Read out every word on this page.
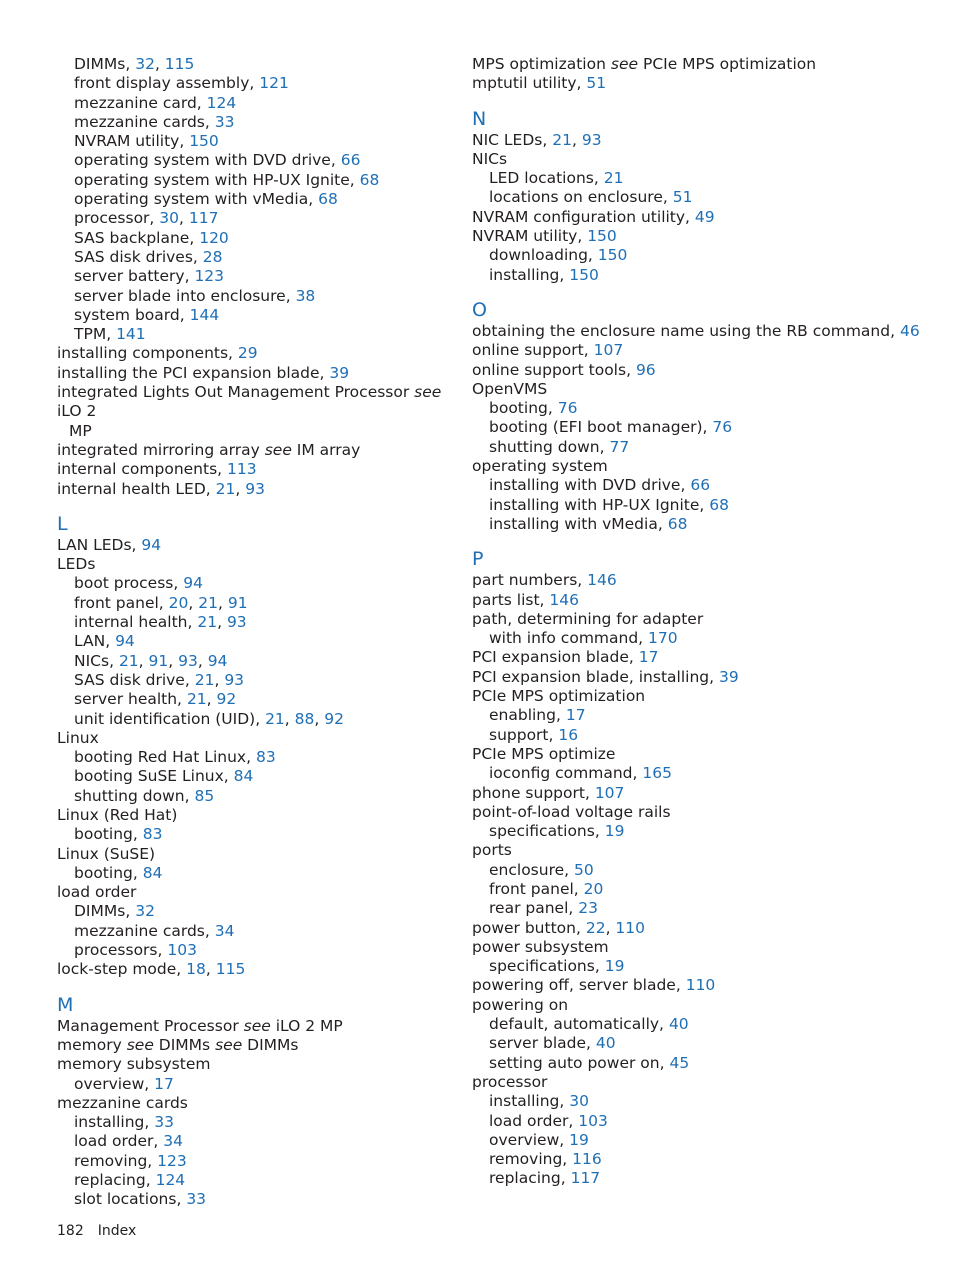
DIMMs, 32, 115
front display assembly, 121
mezzanine card, 124
mezzanine cards, 33
NVRAM utility, 150
operating system with DVD drive, 66
operating system with HP-UX Ignite, 68
operating system with vMedia, 68
processor, 30, 117
SAS backplane, 120
SAS disk drives, 28
server battery, 123
server blade into enclosure, 38
system board, 144
TPM, 141
installing components, 29
installing the PCI expansion blade, 39
integrated Lights Out Management Processor see iLO 2
MP
integrated mirroring array see IM array
internal components, 113
internal health LED, 21, 93
L
LAN LEDs, 94
LEDs
boot process, 94
front panel, 20, 21, 91
internal health, 21, 93
LAN, 94
NICs, 21, 91, 93, 94
SAS disk drive, 21, 93
server health, 21, 92
unit identification (UID), 21, 88, 92
Linux
booting Red Hat Linux, 83
booting SuSE Linux, 84
shutting down, 85
Linux (Red Hat)
booting, 83
Linux (SuSE)
booting, 84
load order
DIMMs, 32
mezzanine cards, 34
processors, 103
lock-step mode, 18, 115
M
Management Processor see iLO 2 MP
memory see DIMMs see DIMMs
memory subsystem
overview, 17
mezzanine cards
installing, 33
load order, 34
removing, 123
replacing, 124
slot locations, 33
MPS optimization see PCIe MPS optimization
mptutil utility, 51
N
NIC LEDs, 21, 93
NICs
LED locations, 21
locations on enclosure, 51
NVRAM configuration utility, 49
NVRAM utility, 150
downloading, 150
installing, 150
O
obtaining the enclosure name using the RB command, 46
online support, 107
online support tools, 96
OpenVMS
booting, 76
booting (EFI boot manager), 76
shutting down, 77
operating system
installing with DVD drive, 66
installing with HP-UX Ignite, 68
installing with vMedia, 68
P
part numbers, 146
parts list, 146
path, determining for adapter
with info command, 170
PCI expansion blade, 17
PCI expansion blade, installing, 39
PCIe MPS optimization
enabling, 17
support, 16
PCIe MPS optimize
ioconfig command, 165
phone support, 107
point-of-load voltage rails
specifications, 19
ports
enclosure, 50
front panel, 20
rear panel, 23
power button, 22, 110
power subsystem
specifications, 19
powering off, server blade, 110
powering on
default, automatically, 40
server blade, 40
setting auto power on, 45
processor
installing, 30
load order, 103
overview, 19
removing, 116
replacing, 117
182 Index
